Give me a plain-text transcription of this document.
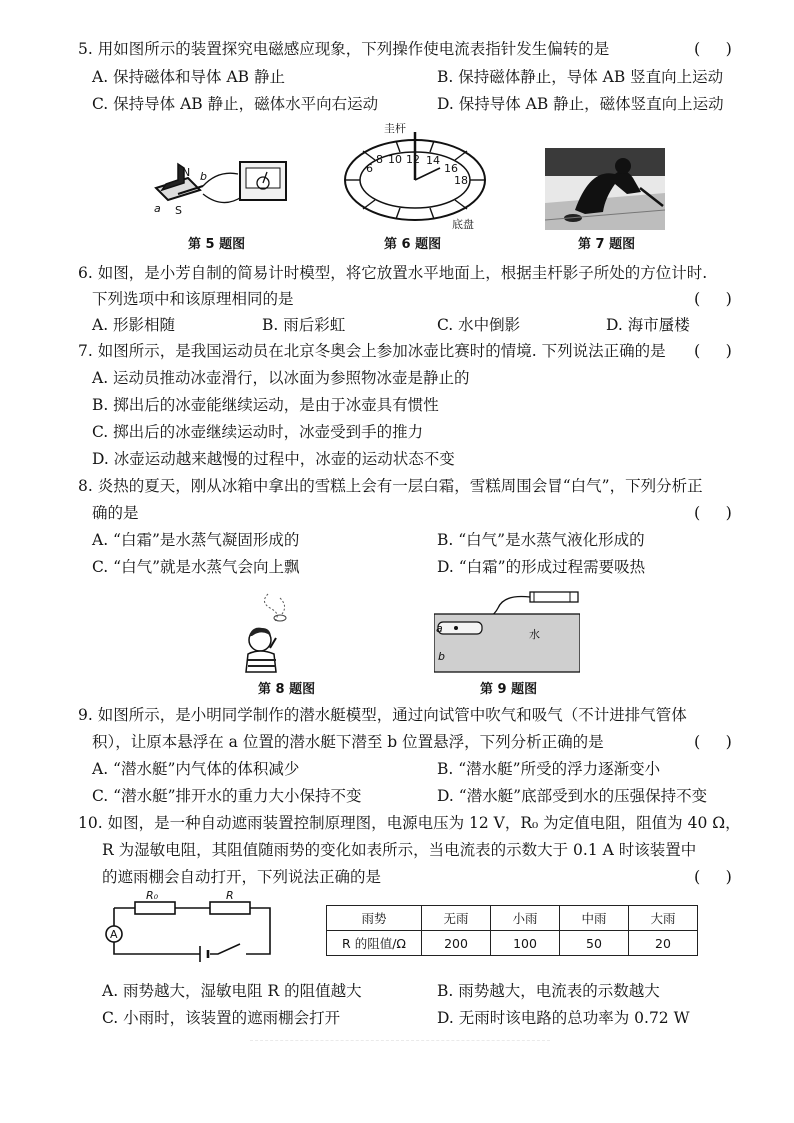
5. 用如图所示的装置探究电磁感应现象，下列操作使电流表指针发生偏转的是	(     )
A. 保持磁体和导体 AB 静止	B. 保持磁体静止，导体 AB 竖直向上运动
C. 保持导体 AB 静止，磁体水平向右运动	D. 保持导体 AB 静止，磁体竖直向上运动
N
S
a
b
第 5 题图
圭杆
底盘
6
8 10 12 14
16
18
第 6 题图	第 7 题图
6. 如图，是小芳自制的简易计时模型，将它放置水平地面上，根据圭杆影子所处的方位计时.
下列选项中和该原理相同的是	(     )
A. 形影相随	B. 雨后彩虹	C. 水中倒影	D. 海市蜃楼
7. 如图所示，是我国运动员在北京冬奥会上参加冰壶比赛时的情境. 下列说法正确的是 (     )
A. 运动员推动冰壶滑行，以冰面为参照物冰壶是静止的
B. 掷出后的冰壶能继续运动，是由于冰壶具有惯性
C. 掷出后的冰壶继续运动时，冰壶受到手的推力
D. 冰壶运动越来越慢的过程中，冰壶的运动状态不变
8. 炎热的夏天，刚从冰箱中拿出的雪糕上会有一层白霜，雪糕周围会冒“白气”，下列分析正
确的是	(     )
A. “白霜”是水蒸气凝固形成的	B. “白气”是水蒸气液化形成的
C. “白气”就是水蒸气会向上飘	D. “白霜”的形成过程需要吸热
第 8 题图
a
b
水
第 9 题图
9. 如图所示，是小明同学制作的潜水艇模型，通过向试管中吹气和吸气（不计进排气管体
积），让原本悬浮在 a 位置的潜水艇下潜至 b 位置悬浮，下列分析正确的是	(     )
A. “潜水艇”内气体的体积减少	B. “潜水艇”所受的浮力逐渐变小
C. “潜水艇”排开水的重力大小保持不变	D. “潜水艇”底部受到水的压强保持不变
10. 如图，是一种自动遮雨装置控制原理图，电源电压为 12 V，R₀ 为定值电阻，阻值为 40 Ω，
R 为湿敏电阻，其阻值随雨势的变化如表所示，当电流表的示数大于 0.1 A 时该装置中
的遮雨棚会自动打开，下列说法正确的是	(     )
A
R₀	R
雨势	无雨	小雨	中雨	大雨
R 的阻值/Ω	200	100	50	20
A. 雨势越大，湿敏电阻 R 的阻值越大	B. 雨势越大，电流表的示数越大
C. 小雨时，该装置的遮雨棚会打开	D. 无雨时该电路的总功率为 0.72 W
